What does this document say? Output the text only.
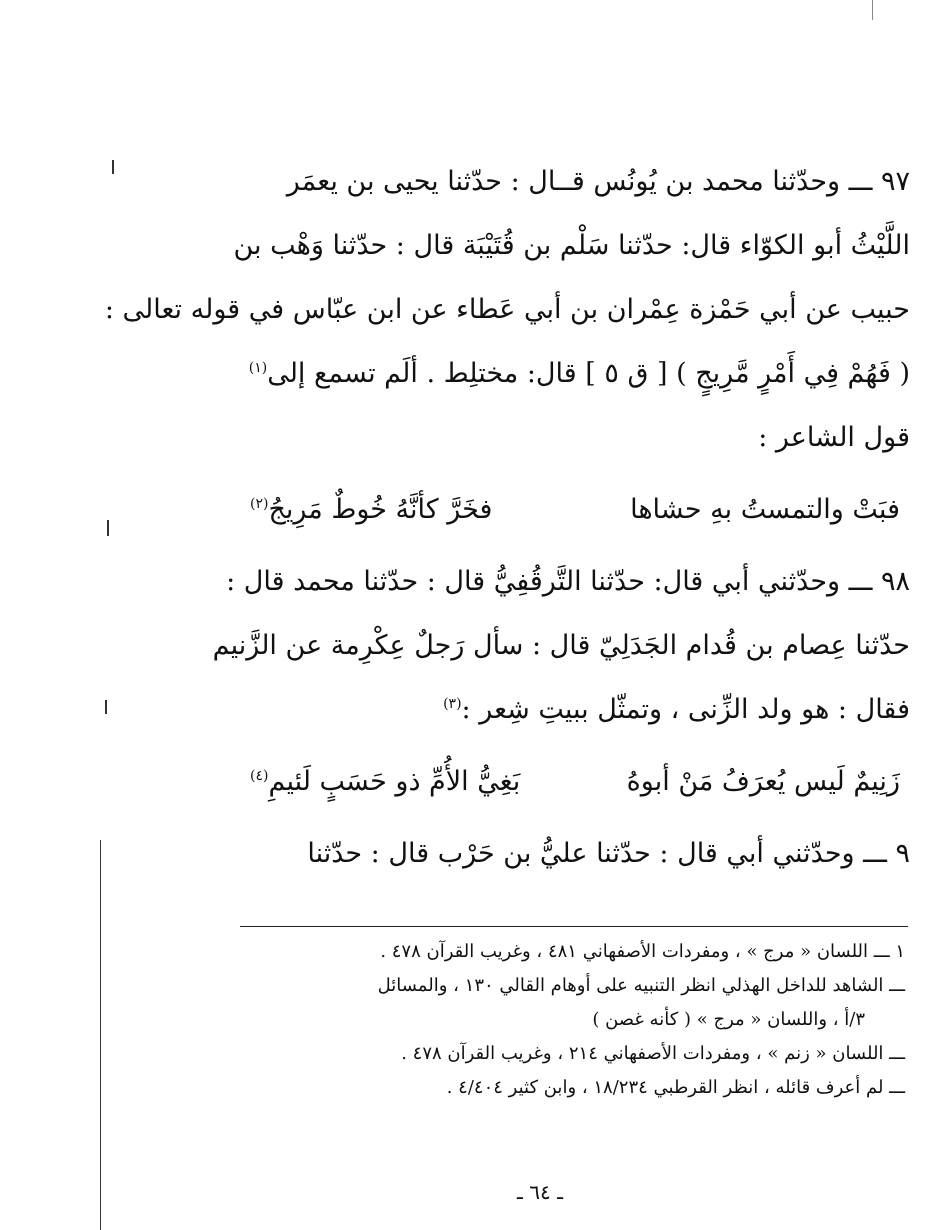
٩٧ ـــ وحدّثنا محمد بن يُونُس قــال : حدّثنا يحيى بن يعمَر
اللَّيْثُ أبو الكوّاء قال: حدّثنا سَلْم بن قُتَيْبَة قال : حدّثنا وَهْب بن
حبيب عن أبي حَمْزة عِمْران بن أبي عَطاء عن ابن عبّاس في قوله تعالى :
( فَهُمْ فِي أَمْرٍ مَّرِيجٍ ) [ ق ٥ ] قال: مختلِط . ألَم تسمع إلى$^{(١)}$
قول الشاعر :
فبَتْ والتمستُ بهِ حشاها
فخَرَّ كأنَّهُ خُوطٌ مَرِيجُ$^{(٢)}$
٩٨ ـــ وحدّثني أبي قال: حدّثنا التَّرقُفِيُّ قال : حدّثنا محمد قال :
حدّثنا عِصام بن قُدام الجَدَلِيّ قال : سأل رَجلٌ عِكْرِمة عن الزَّنيم
فقال : هو ولد الزِّنى ، وتمثّل ببيتِ شِعر :$^{(٣)}$
زَنِيمٌ لَيس يُعرَفُ مَنْ أبوهُ
بَغِيُّ الأُمِّ ذو حَسَبٍ لَئيمِ$^{(٤)}$
٩ ـــ وحدّثني أبي قال : حدّثنا عليُّ بن حَرْب قال : حدّثنا
١ ـــ اللسان « مرج » ، ومفردات الأصفهاني ٤٨١ ، وغريب القرآن ٤٧٨ .
ـــ الشاهد للداخل الهذلي انظر التنبيه على أوهام القالي ١٣٠ ، والمسائل
٣/أ ، واللسان « مرج » ( كأنه غصن )
ـــ اللسان « زنم » ، ومفردات الأصفهاني ٢١٤ ، وغريب القرآن ٤٧٨ .
ـــ لم أعرف قائله ، انظر القرطبي ١٨/٢٣٤ ، وابن كثير ٤/٤٠٤ .
ـ ٦٤ ـ
